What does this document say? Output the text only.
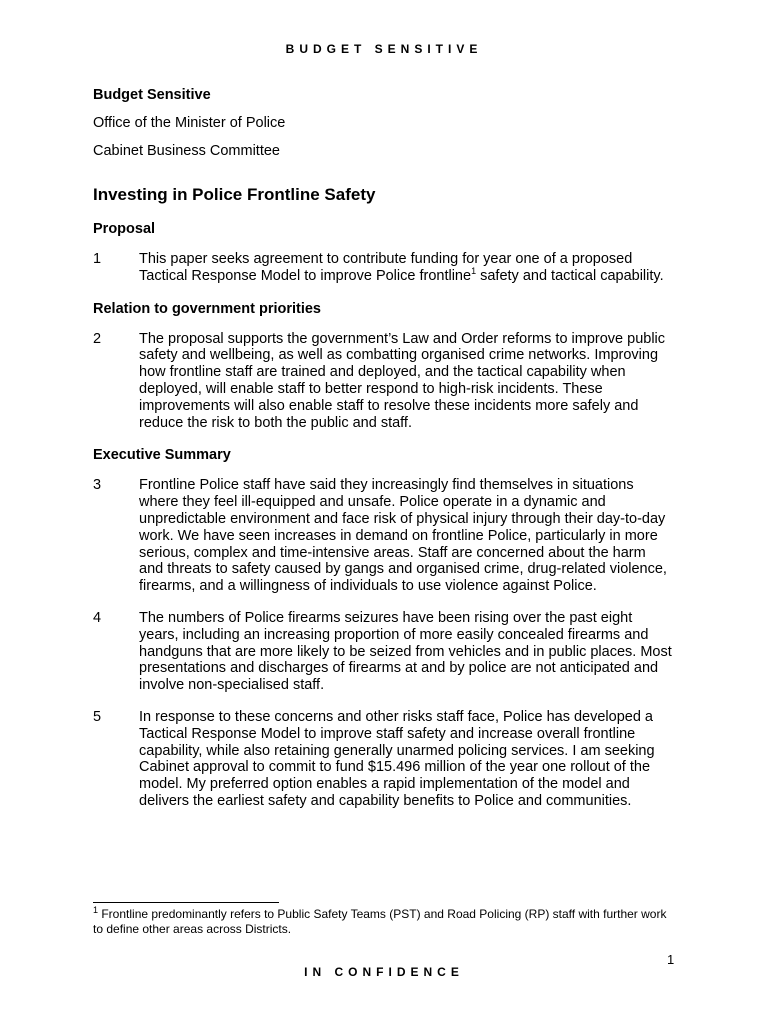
BUDGET SENSITIVE
Budget Sensitive
Office of the Minister of Police
Cabinet Business Committee
Investing in Police Frontline Safety
Proposal
1	This paper seeks agreement to contribute funding for year one of a proposed Tactical Response Model to improve Police frontline$^1$ safety and tactical capability.
Relation to government priorities
2	The proposal supports the government’s Law and Order reforms to improve public safety and wellbeing, as well as combatting organised crime networks. Improving how frontline staff are trained and deployed, and the tactical capability when deployed, will enable staff to better respond to high-risk incidents. These improvements will also enable staff to resolve these incidents more safely and reduce the risk to both the public and staff.
Executive Summary
3	Frontline Police staff have said they increasingly find themselves in situations where they feel ill-equipped and unsafe. Police operate in a dynamic and unpredictable environment and face risk of physical injury through their day-to-day work. We have seen increases in demand on frontline Police, particularly in more serious, complex and time-intensive areas. Staff are concerned about the harm and threats to safety caused by gangs and organised crime, drug-related violence, firearms, and a willingness of individuals to use violence against Police.
4	The numbers of Police firearms seizures have been rising over the past eight years, including an increasing proportion of more easily concealed firearms and handguns that are more likely to be seized from vehicles and in public places. Most presentations and discharges of firearms at and by police are not anticipated and involve non-specialised staff.
5	In response to these concerns and other risks staff face, Police has developed a Tactical Response Model to improve staff safety and increase overall frontline capability, while also retaining generally unarmed policing services. I am seeking Cabinet approval to commit to fund $15.496 million of the year one rollout of the model. My preferred option enables a rapid implementation of the model and delivers the earliest safety and capability benefits to Police and communities.
$^1$ Frontline predominantly refers to Public Safety Teams (PST) and Road Policing (RP) staff with further work to define other areas across Districts.
1
IN CONFIDENCE
